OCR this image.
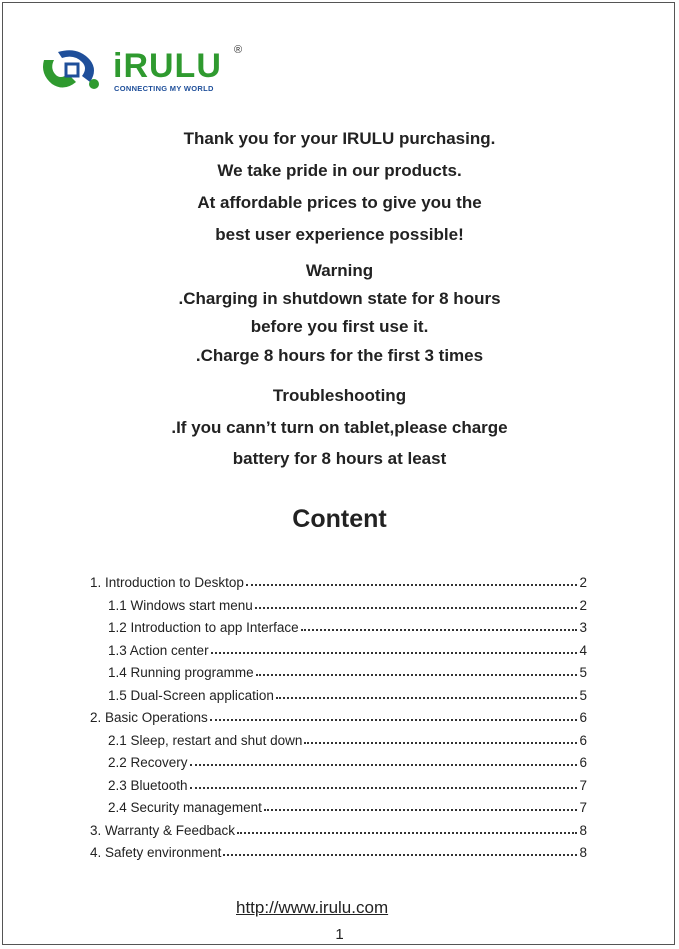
iRULU ®
CONNECTING MY WORLD
Thank you for your IRULU purchasing.
We take pride in our products.
At affordable prices to give you the
best user experience possible!
Warning
.Charging in shutdown state for 8 hours
before you first use it.
.Charge 8 hours for the first 3 times
Troubleshooting
.If you cann’t turn on tablet,please charge
battery for 8 hours at least
Content
1. Introduction to Desktop	2
1.1 Windows start menu	2
1.2 Introduction to app Interface	3
1.3 Action center	4
1.4 Running programme	5
1.5 Dual-Screen application	5
2. Basic Operations	6
2.1 Sleep, restart and shut down	6
2.2 Recovery	6
2.3 Bluetooth	7
2.4 Security management	7
3. Warranty & Feedback	8
4. Safety environment	8
http://www.irulu.com
1
